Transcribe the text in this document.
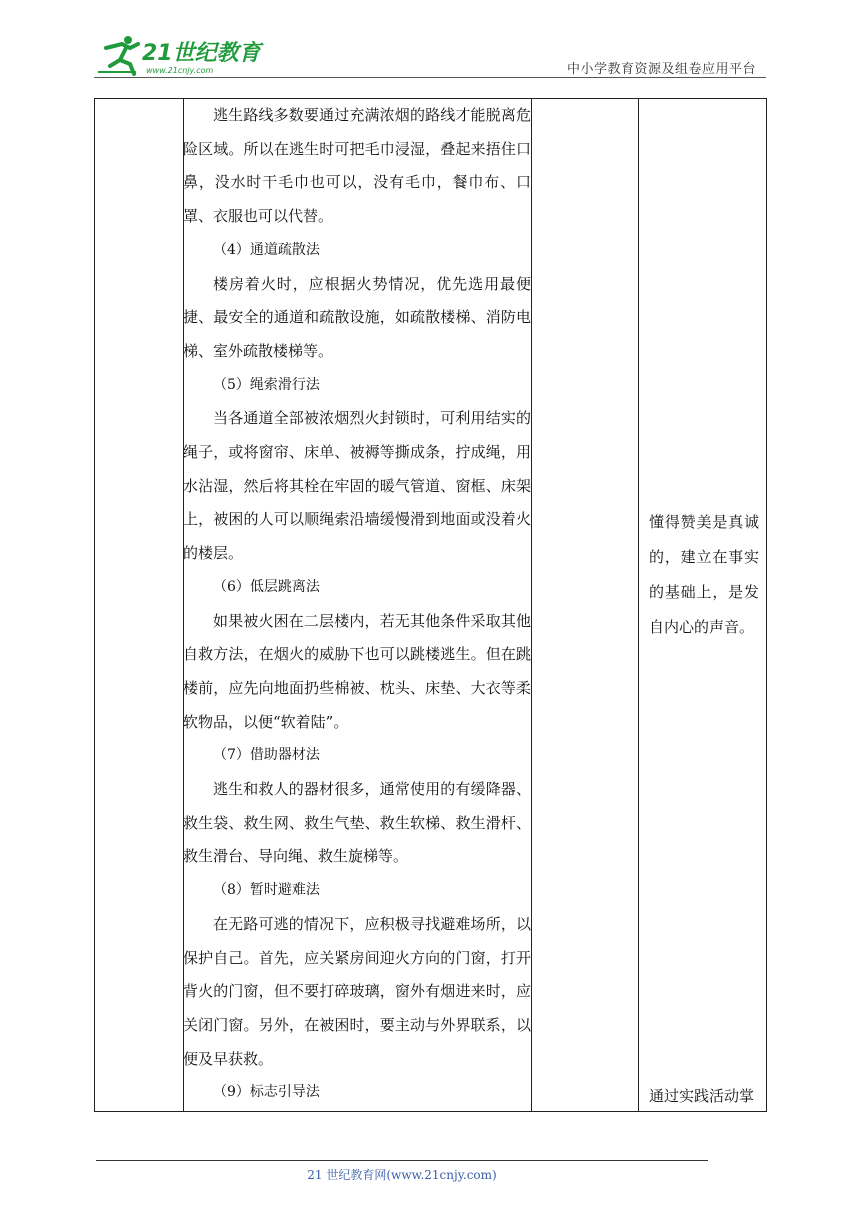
21世纪教育
www.21cnjy.com	中小学教育资源及组卷应用平台

逃生路线多数要通过充满浓烟的路线才能脱离危险区域。所以在逃生时可把毛巾浸湿，叠起来捂住口鼻，没水时干毛巾也可以，没有毛巾，餐巾布、口罩、衣服也可以代替。

（4）通道疏散法

楼房着火时，应根据火势情况，优先选用最便捷、最安全的通道和疏散设施，如疏散楼梯、消防电梯、室外疏散楼梯等。

（5）绳索滑行法

当各通道全部被浓烟烈火封锁时，可利用结实的绳子，或将窗帘、床单、被褥等撕成条，拧成绳，用水沾湿，然后将其栓在牢固的暖气管道、窗框、床架上，被困的人可以顺绳索沿墙缓慢滑到地面或没着火的楼层。

（6）低层跳离法

如果被火困在二层楼内，若无其他条件采取其他自救方法，在烟火的威胁下也可以跳楼逃生。但在跳楼前，应先向地面扔些棉被、枕头、床垫、大衣等柔软物品，以便“软着陆”。

（7）借助器材法

逃生和救人的器材很多，通常使用的有缓降器、救生袋、救生网、救生气垫、救生软梯、救生滑杆、救生滑台、导向绳、救生旋梯等。

（8）暂时避难法

在无路可逃的情况下，应积极寻找避难场所，以保护自己。首先，应关紧房间迎火方向的门窗，打开背火的门窗，但不要打碎玻璃，窗外有烟进来时，应关闭门窗。另外，在被困时，要主动与外界联系，以便及早获救。

（9）标志引导法

懂得赞美是真诚的，建立在事实的基础上，是发自内心的声音。

通过实践活动掌

21 世纪教育网(www.21cnjy.com)
